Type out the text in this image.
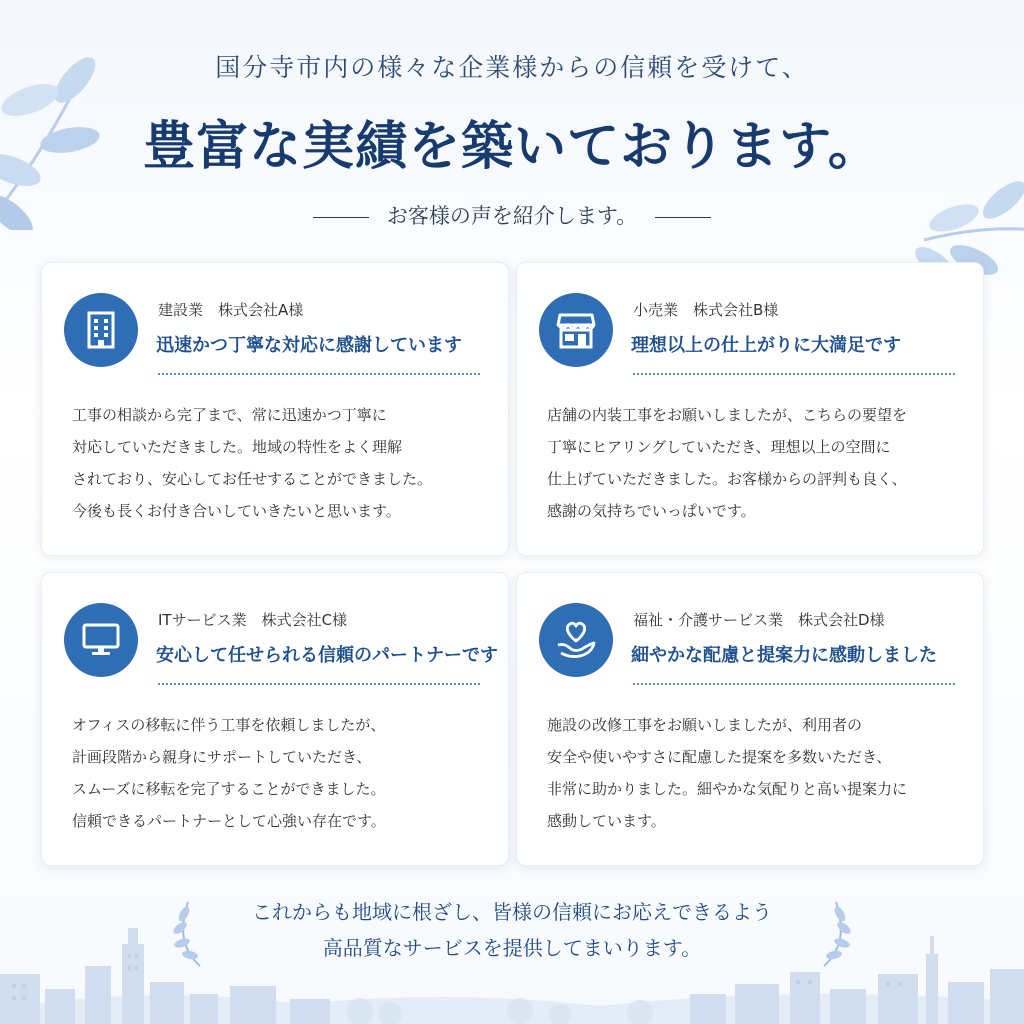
国分寺市内の様々な企業様からの信頼を受けて、
豊富な実績を築いております。
お客様の声を紹介します。
建設業　株式会社A様
迅速かつ丁寧な対応に感謝しています

工事の相談から完了まで、常に迅速かつ丁寧に

対応していただきました。地域の特性をよく理解

されており、安心してお任せすることができました。

今後も長くお付き合いしていきたいと思います。

小売業　株式会社B様
理想以上の仕上がりに大満足です

店舗の内装工事をお願いしましたが、こちらの要望を

丁寧にヒアリングしていただき、理想以上の空間に

仕上げていただきました。お客様からの評判も良く、

感謝の気持ちでいっぱいです。

ITサービス業　株式会社C様
安心して任せられる信頼のパートナーです

オフィスの移転に伴う工事を依頼しましたが、

計画段階から親身にサポートしていただき、

スムーズに移転を完了することができました。

信頼できるパートナーとして心強い存在です。

福祉・介護サービス業　株式会社D様
細やかな配慮と提案力に感動しました

施設の改修工事をお願いしましたが、利用者の

安全や使いやすさに配慮した提案を多数いただき、

非常に助かりました。細やかな気配りと高い提案力に

感動しています。

これからも地域に根ざし、皆様の信頼にお応えできるよう
高品質なサービスを提供してまいります。
